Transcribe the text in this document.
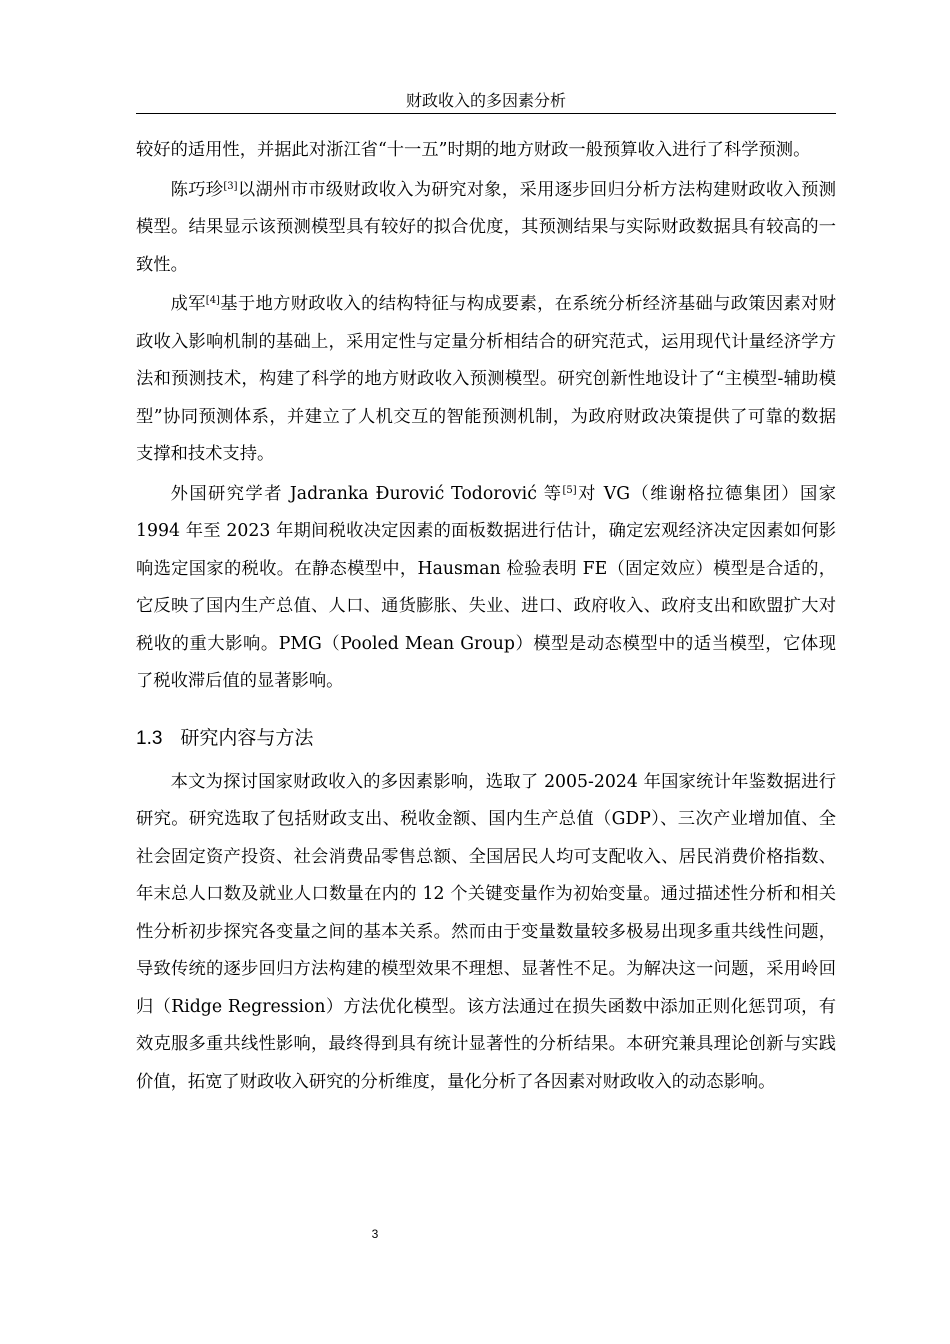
财政收入的多因素分析

较好的适用性，并据此对浙江省“十一五”时期的地方财政一般预算收入进行了科学预测。

陈巧珍[3]以湖州市市级财政收入为研究对象，采用逐步回归分析方法构建财政收入预测模型。结果显示该预测模型具有较好的拟合优度，其预测结果与实际财政数据具有较高的一致性。

成军[4]基于地方财政收入的结构特征与构成要素，在系统分析经济基础与政策因素对财政收入影响机制的基础上，采用定性与定量分析相结合的研究范式，运用现代计量经济学方法和预测技术，构建了科学的地方财政收入预测模型。研究创新性地设计了“主模型-辅助模型”协同预测体系，并建立了人机交互的智能预测机制，为政府财政决策提供了可靠的数据支撑和技术支持。

外国研究学者 Jadranka Đurović Todorović 等[5]对 VG（维谢格拉德集团）国家 1994 年至 2023 年期间税收决定因素的面板数据进行估计，确定宏观经济决定因素如何影响选定国家的税收。在静态模型中，Hausman 检验表明 FE（固定效应）模型是合适的，它反映了国内生产总值、人口、通货膨胀、失业、进口、政府收入、政府支出和欧盟扩大对税收的重大影响。PMG（Pooled Mean Group）模型是动态模型中的适当模型，它体现了税收滞后值的显著影响。

1.3 研究内容与方法

本文为探讨国家财政收入的多因素影响，选取了 2005-2024 年国家统计年鉴数据进行研究。研究选取了包括财政支出、税收金额、国内生产总值（GDP）、三次产业增加值、全社会固定资产投资、社会消费品零售总额、全国居民人均可支配收入、居民消费价格指数、年末总人口数及就业人口数量在内的 12 个关键变量作为初始变量。通过描述性分析和相关性分析初步探究各变量之间的基本关系。然而由于变量数量较多极易出现多重共线性问题，导致传统的逐步回归方法构建的模型效果不理想、显著性不足。为解决这一问题，采用岭回归（Ridge Regression）方法优化模型。该方法通过在损失函数中添加正则化惩罚项，有效克服多重共线性影响，最终得到具有统计显著性的分析结果。本研究兼具理论创新与实践价值，拓宽了财政收入研究的分析维度，量化分析了各因素对财政收入的动态影响。

3
